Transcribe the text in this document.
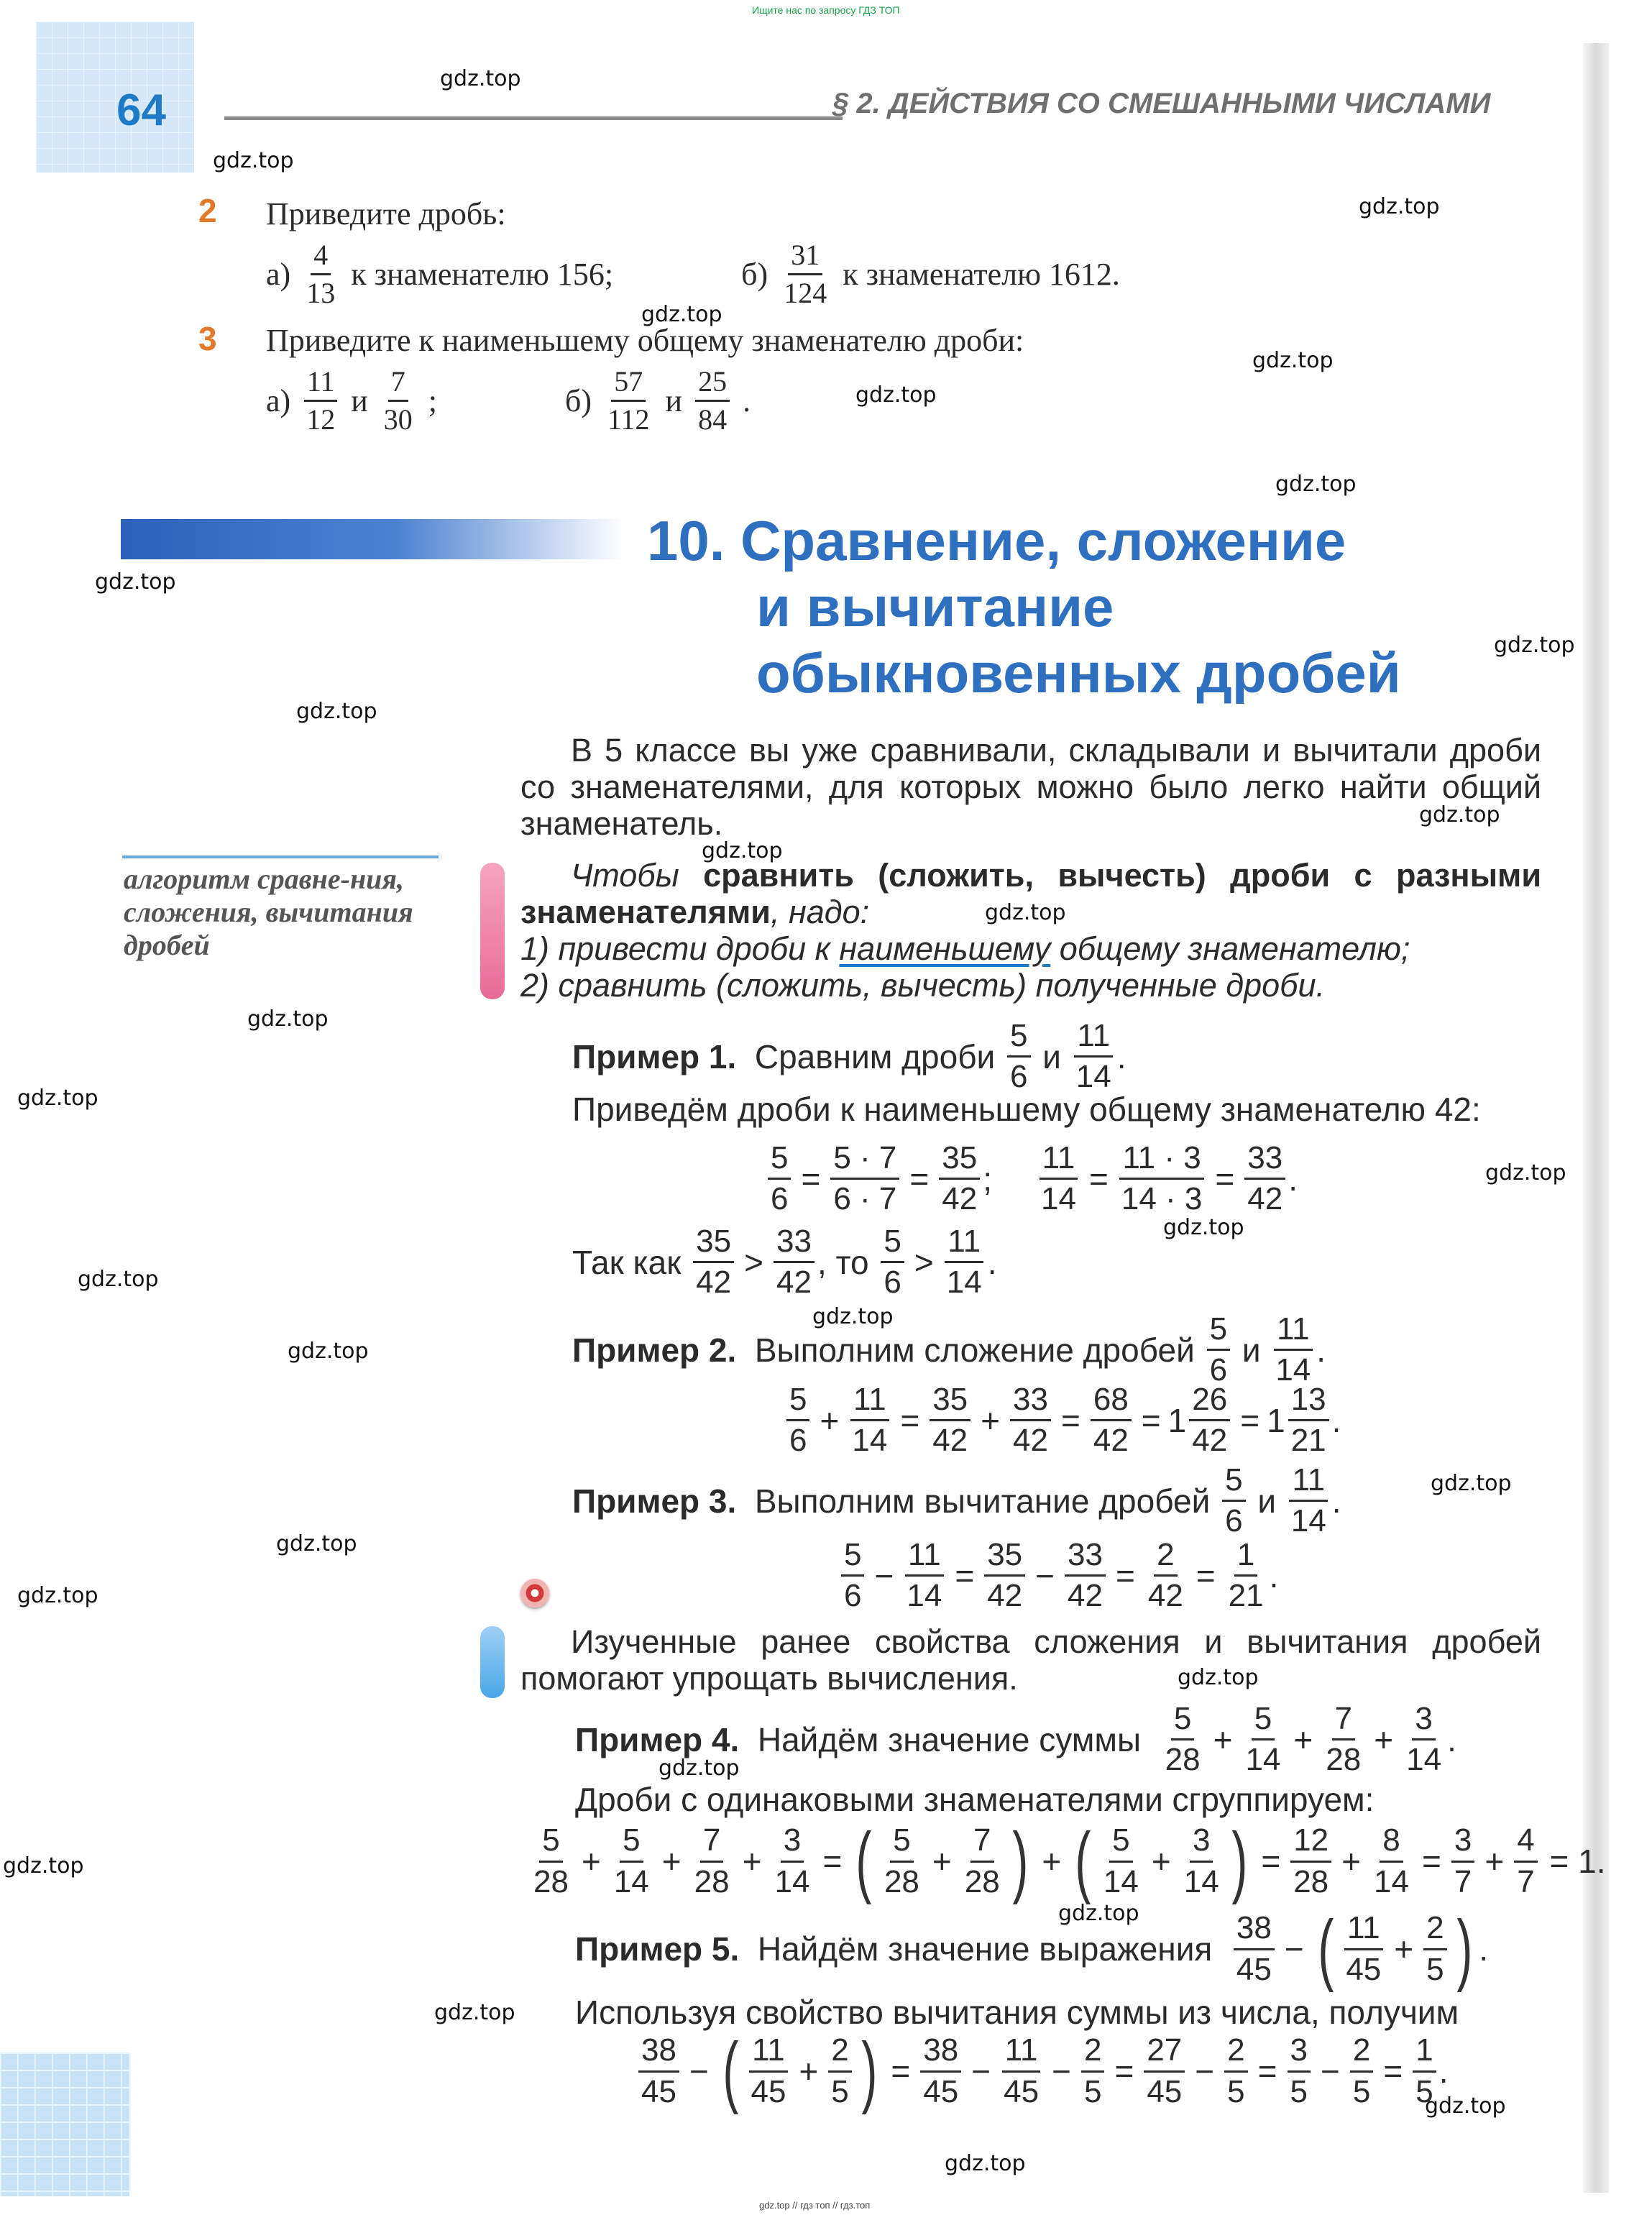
Ищите нас по запросу ГДЗ ТОП
gdz.top // гдз топ // гдз.топ
64	§ 2. ДЕЙСТВИЯ СО СМЕШАННЫМИ ЧИСЛАМИ
gdz.top
gdz.top
gdz.top
gdz.top
gdz.top
gdz.top
gdz.top
gdz.top
gdz.top
gdz.top
gdz.top
gdz.top
gdz.top
gdz.top
gdz.top
gdz.top
gdz.top
gdz.top
gdz.top
gdz.top
gdz.top
gdz.top
gdz.top
gdz.top
gdz.top
gdz.top
gdz.top
gdz.top
gdz.top
gdz.top
2 Приведите дробь:
$а) \frac{4}{13}$ к знаменателю 156;	$б) \frac{31}{124}$ к знаменателю 1612.
3 Приведите к наименьшему общему знаменателю дроби:
$а) \frac{11}{12}$ и $\frac{7}{30}$ ;	$б) \frac{57}{112}$ и $\frac{25}{84}$ .
10. Сравнение, сложение
и вычитание
обыкновенных дробей
В 5 классе вы уже сравнивали, складывали и вычитали дроби со знаменателями, для которых можно было легко найти общий знаменатель.
алгоритм сравне-ния, сложения, вычитания дробей
Чтобы сравнить (сложить, вычесть) дроби с разными знаменателями, надо:
1) привести дроби к наименьшему общему знаменателю;
2) сравнить (сложить, вычесть) полученные дроби.
Пример 1.
Сравним дроби
$\frac{5}{6}$
и
$\frac{11}{14}$ .
Приведём дроби к наименьшему общему знаменателю 42:
$\frac{5}{6} = \frac{5 \cdot 7}{6 \cdot 7} = \frac{35}{42}$ ; $\frac{11}{14} = \frac{11 \cdot 3}{14 \cdot 3} = \frac{33}{42}$ .
Так как
$\frac{35}{42} > \frac{33}{42}$ , то
$\frac{5}{6} > \frac{11}{14}$ .
Пример 2.
Выполним сложение дробей
$\frac{5}{6}$
и
$\frac{11}{14}$ .
$\frac{5}{6} + \frac{11}{14} = \frac{35}{42} + \frac{33}{42} = \frac{68}{42} = 1 \frac{26}{42} = 1 \frac{13}{21}$ .
Пример 3.
Выполним вычитание дробей
$\frac{5}{6}$
и
$\frac{11}{14}$ .
$\frac{5}{6} - \frac{11}{14} = \frac{35}{42} - \frac{33}{42} = \frac{2}{42} = \frac{1}{21}$ .
Изученные ранее свойства сложения и вычитания дробей помогают упрощать вычисления.
Пример 4.
Найдём значение суммы
$\frac{5}{28} + \frac{5}{14} + \frac{7}{28} + \frac{3}{14}$ .
Дроби с одинаковыми знаменателями сгруппируем:
$\frac{5}{28} + \frac{5}{14} + \frac{7}{28} + \frac{3}{14}$ = ( $\frac{5}{28} + \frac{7}{28}$ ) + ( $\frac{5}{14} + \frac{3}{14}$ ) = $\frac{12}{28} + \frac{8}{14} = \frac{3}{7} + \frac{4}{7}$
= 1.
Пример 5.
Найдём значение выражения
$\frac{38}{45}$ − ( $\frac{11}{45} + \frac{2}{5}$ ) .
Используя свойство вычитания суммы из числа, получим
$\frac{38}{45}$ − ( $\frac{11}{45} + \frac{2}{5}$ ) = $\frac{38}{45} - \frac{11}{45} - \frac{2}{5} = \frac{27}{45} - \frac{2}{5} = \frac{3}{5} - \frac{2}{5} = \frac{1}{5}$ .
